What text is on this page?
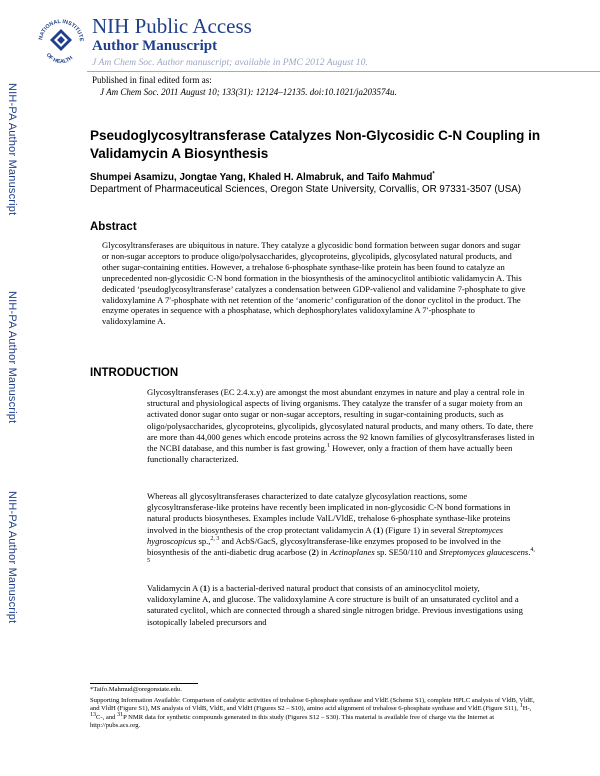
NATIONAL INSTITUTE
OF HEALTH
NIH Public Access
Author Manuscript
J Am Chem Soc. Author manuscript; available in PMC 2012 August 10.
Published in final edited form as:
J Am Chem Soc. 2011 August 10; 133(31): 12124–12135. doi:10.1021/ja203574u.
NIH-PA Author Manuscript
NIH-PA Author Manuscript
NIH-PA Author Manuscript
Pseudoglycosyltransferase Catalyzes Non-Glycosidic C-N Coupling in Validamycin A Biosynthesis
Shumpei Asamizu, Jongtae Yang, Khaled H. Almabruk, and Taifo Mahmud*
Department of Pharmaceutical Sciences, Oregon State University, Corvallis, OR 97331-3507 (USA)
Abstract
Glycosyltransferases are ubiquitous in nature. They catalyze a glycosidic bond formation between sugar donors and sugar or non-sugar acceptors to produce oligo/polysaccharides, glycoproteins, glycolipids, glycosylated natural products, and other sugar-containing entities. However, a trehalose 6-phosphate synthase-like protein has been found to catalyze an unprecedented non-glycosidic C-N bond formation in the biosynthesis of the aminocyclitol antibiotic validamycin A. This dedicated ‘pseudoglycosyltransferase’ catalyzes a condensation between GDP-valienol and validamine 7-phosphate to give validoxylamine A 7′-phosphate with net retention of the ‘anomeric’ configuration of the donor cyclitol in the product. The enzyme operates in sequence with a phosphatase, which dephosphorylates validoxylamine A 7′-phosphate to validoxylamine A.
INTRODUCTION
Glycosyltransferases (EC 2.4.x.y) are amongst the most abundant enzymes in nature and play a central role in structural and physiological aspects of living organisms. They catalyze the transfer of a sugar moiety from an activated donor sugar onto sugar or non-sugar acceptors, resulting in sugar-containing products, such as oligo/polysaccharides, glycoproteins, glycolipids, glycosylated natural products, and many others. To date, there are more than 44,000 genes which encode proteins across the 92 known families of glycosyltransferases listed in the NCBI database, and this number is fast growing.$^1$ However, only a fraction of them have actually been functionally characterized.
Whereas all glycosyltransferases characterized to date catalyze glycosylation reactions, some glycosyltransferase-like proteins have recently been implicated in non-glycosidic C-N bond formations in natural products biosyntheses. Examples include ValL/VldE, trehalose 6-phosphate synthase-like proteins involved in the biosynthesis of the crop protectant validamycin A (1) (Figure 1) in several Streptomyces hygroscopicus sp.,$^{2, 3}$ and AcbS/GacS, glycosyltransferase-like enzymes proposed to be involved in the biosynthesis of the anti-diabetic drug acarbose (2) in Actinoplanes sp. SE50/110 and Streptomyces glaucescens.$^{4, 5}$
Validamycin A (1) is a bacterial-derived natural product that consists of an aminocyclitol moiety, validoxylamine A, and glucose. The validoxylamine A core structure is built of an unsaturated cyclitol and a saturated cyclitol, which are connected through a shared single nitrogen bridge. Previous investigations using isotopically labeled precursors and
*Taifo.Mahmud@oregonstate.edu.
Supporting Information Available: Comparison of catalytic activities of trehalose 6-phosphate synthase and VldE (Scheme S1), complete HPLC analysis of VldB, VldE, and VldH (Figure S1), MS analysis of VldB, VldE, and VldH (Figures S2 – S10), amino acid alignment of trehalose 6-phosphate synthase and VldE (Figure S11), $^1$H-, $^{13}$C-, and $^{31}$P NMR data for synthetic compounds generated in this study (Figures S12 – S30). This material is available free of charge via the Internet at http://pubs.acs.org.
